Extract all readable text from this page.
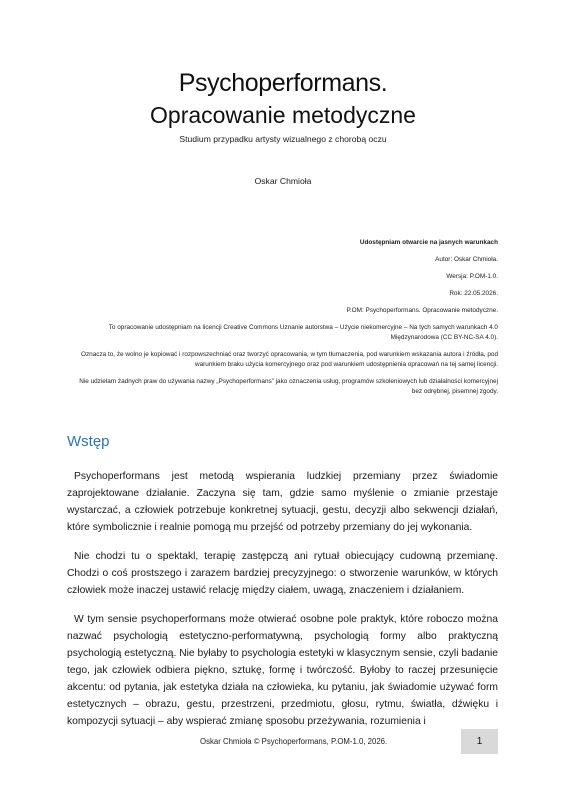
Psychoperformans.
Opracowanie metodyczne
Studium przypadku artysty wizualnego z chorobą oczu
Oskar Chmioła

Udostępniam otwarcie na jasnych warunkach

Autor: Oskar Chmioła.

Wersja: P.OM-1.0.

Rok: 22.05.2026.

P.OM: Psychoperformans. Opracowanie metodyczne.

To opracowanie udostępniam na licencji Creative Commons Uznanie autorstwa – Użycie niekomercyjne – Na tych samych warunkach 4.0 Międzynarodowa (CC BY-NC-SA 4.0).

Oznacza to, że wolno je kopiować i rozpowszechniać oraz tworzyć opracowania, w tym tłumaczenia, pod warunkiem wskazania autora i źródła, pod warunkiem braku użycia komercyjnego oraz pod warunkiem udostępnienia opracowań na tej samej licencji.

Nie udzielam żadnych praw do używania nazwy „Psychoperformans” jako oznaczenia usług, programów szkoleniowych lub działalności komercyjnej bez odrębnej, pisemnej zgody.

Wstęp

Psychoperformans jest metodą wspierania ludzkiej przemiany przez świadomie zaprojektowane działanie. Zaczyna się tam, gdzie samo myślenie o zmianie przestaje wystarczać, a człowiek potrzebuje konkretnej sytuacji, gestu, decyzji albo sekwencji działań, które symbolicznie i realnie pomogą mu przejść od potrzeby przemiany do jej wykonania.

Nie chodzi tu o spektakl, terapię zastępczą ani rytuał obiecujący cudowną przemianę. Chodzi o coś prostszego i zarazem bardziej precyzyjnego: o stworzenie warunków, w których człowiek może inaczej ustawić relację między ciałem, uwagą, znaczeniem i działaniem.

W tym sensie psychoperformans może otwierać osobne pole praktyk, które roboczo można nazwać psychologią estetyczno-performatywną, psychologią formy albo praktyczną psychologią estetyczną. Nie byłaby to psychologia estetyki w klasycznym sensie, czyli badanie tego, jak człowiek odbiera piękno, sztukę, formę i twórczość. Byłoby to raczej przesunięcie akcentu: od pytania, jak estetyka działa na człowieka, ku pytaniu, jak świadomie używać form estetycznych – obrazu, gestu, przestrzeni, przedmiotu, głosu, rytmu, światła, dźwięku i kompozycji sytuacji – aby wspierać zmianę sposobu przeżywania, rozumienia i

Oskar Chmioła © Psychoperformans, P.OM-1.0, 2026.	1
